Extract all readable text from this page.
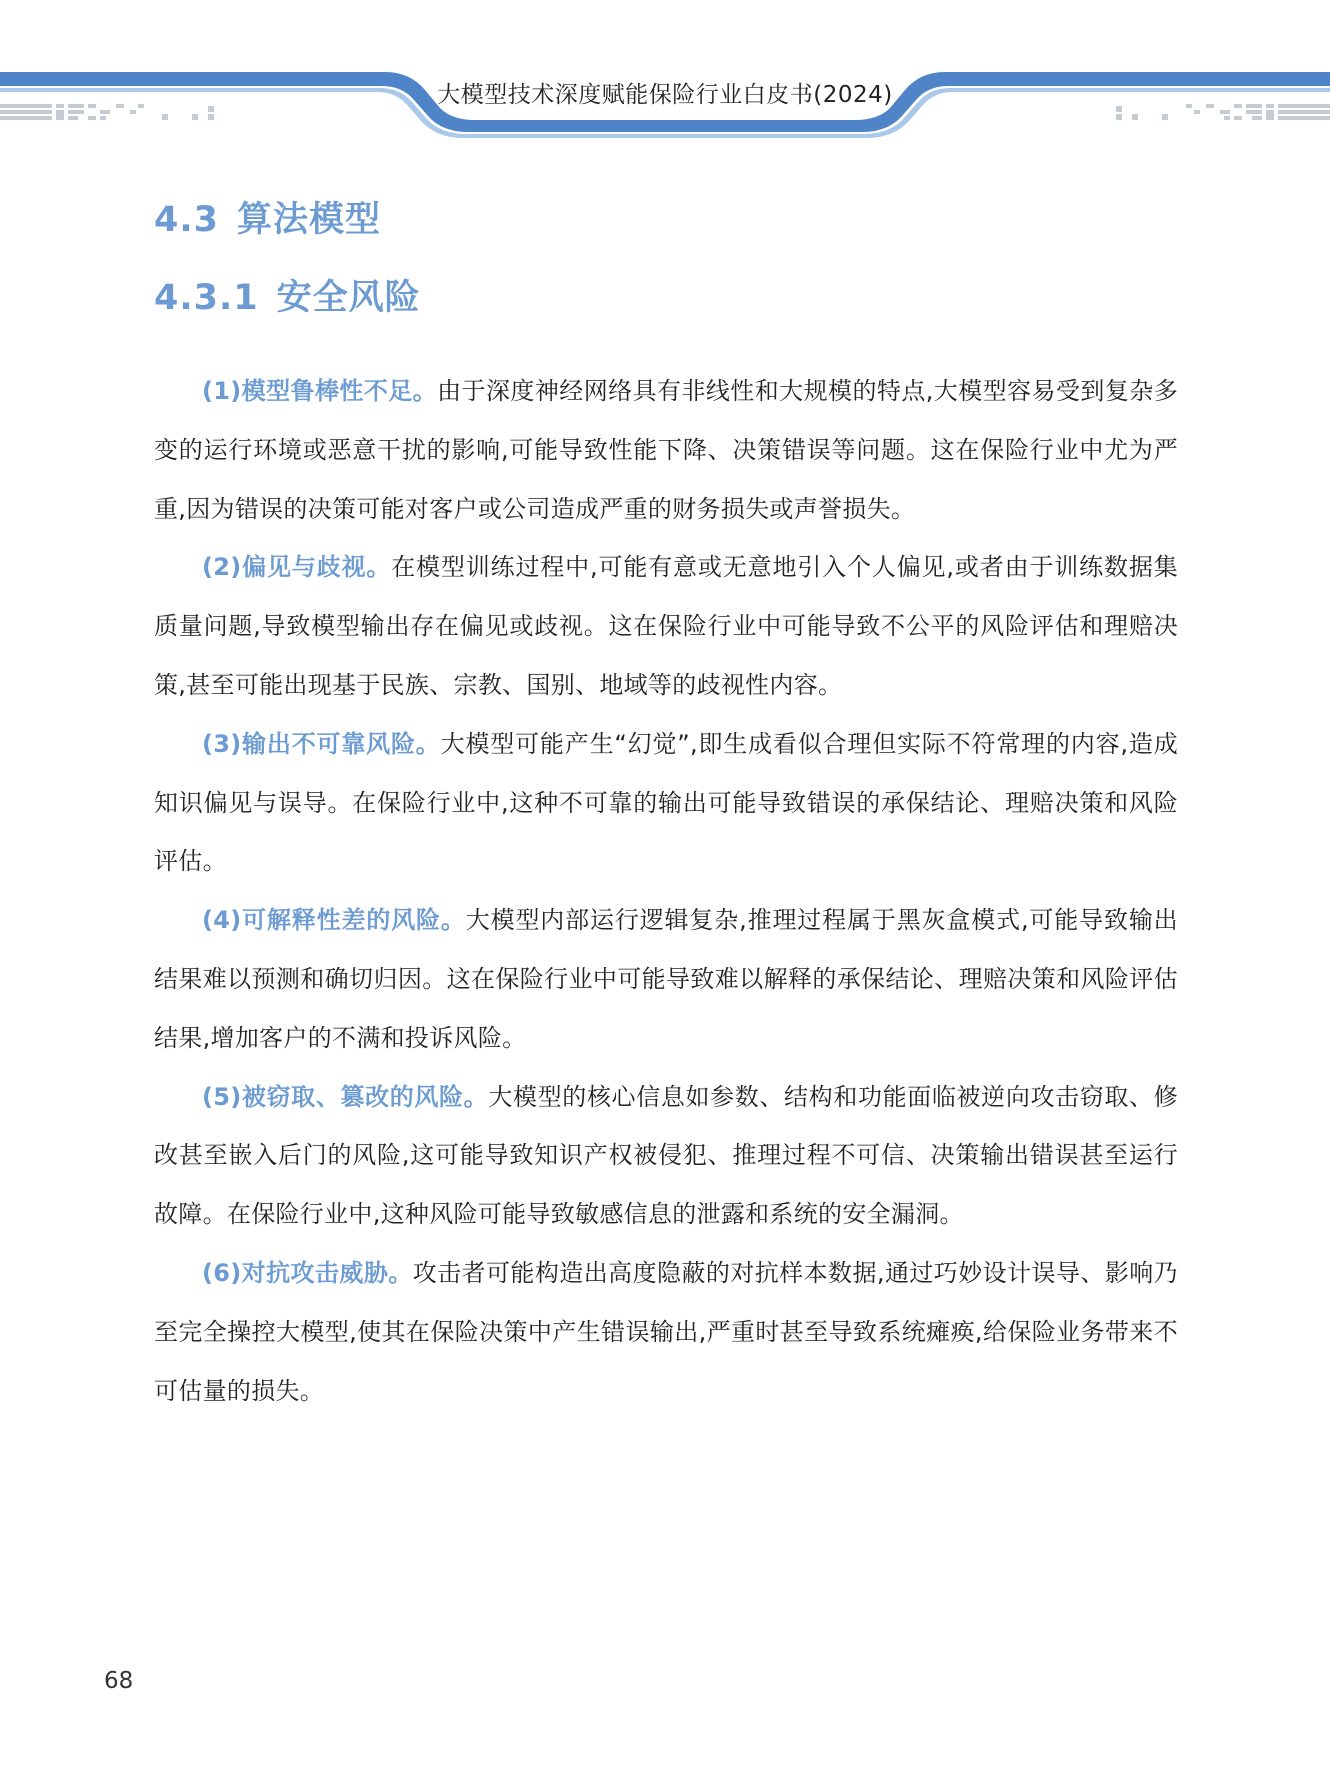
大模型技术深度赋能保险行业白皮书(2024)
4.3 算法模型
4.3.1 安全风险

(1)模型鲁棒性不足。由于深度神经网络具有非线性和大规模的特点,大模型容易受到复杂多变的运行环境或恶意干扰的影响,可能导致性能下降、决策错误等问题。这在保险行业中尤为严重,因为错误的决策可能对客户或公司造成严重的财务损失或声誉损失。

(2)偏见与歧视。在模型训练过程中,可能有意或无意地引入个人偏见,或者由于训练数据集质量问题,导致模型输出存在偏见或歧视。这在保险行业中可能导致不公平的风险评估和理赔决策,甚至可能出现基于民族、宗教、国别、地域等的歧视性内容。

(3)输出不可靠风险。大模型可能产生“幻觉”,即生成看似合理但实际不符常理的内容,造成知识偏见与误导。在保险行业中,这种不可靠的输出可能导致错误的承保结论、理赔决策和风险评估。

(4)可解释性差的风险。大模型内部运行逻辑复杂,推理过程属于黑灰盒模式,可能导致输出结果难以预测和确切归因。这在保险行业中可能导致难以解释的承保结论、理赔决策和风险评估结果,增加客户的不满和投诉风险。

(5)被窃取、篡改的风险。大模型的核心信息如参数、结构和功能面临被逆向攻击窃取、修改甚至嵌入后门的风险,这可能导致知识产权被侵犯、推理过程不可信、决策输出错误甚至运行故障。在保险行业中,这种风险可能导致敏感信息的泄露和系统的安全漏洞。

(6)对抗攻击威胁。攻击者可能构造出高度隐蔽的对抗样本数据,通过巧妙设计误导、影响乃至完全操控大模型,使其在保险决策中产生错误输出,严重时甚至导致系统瘫痪,给保险业务带来不可估量的损失。

68
